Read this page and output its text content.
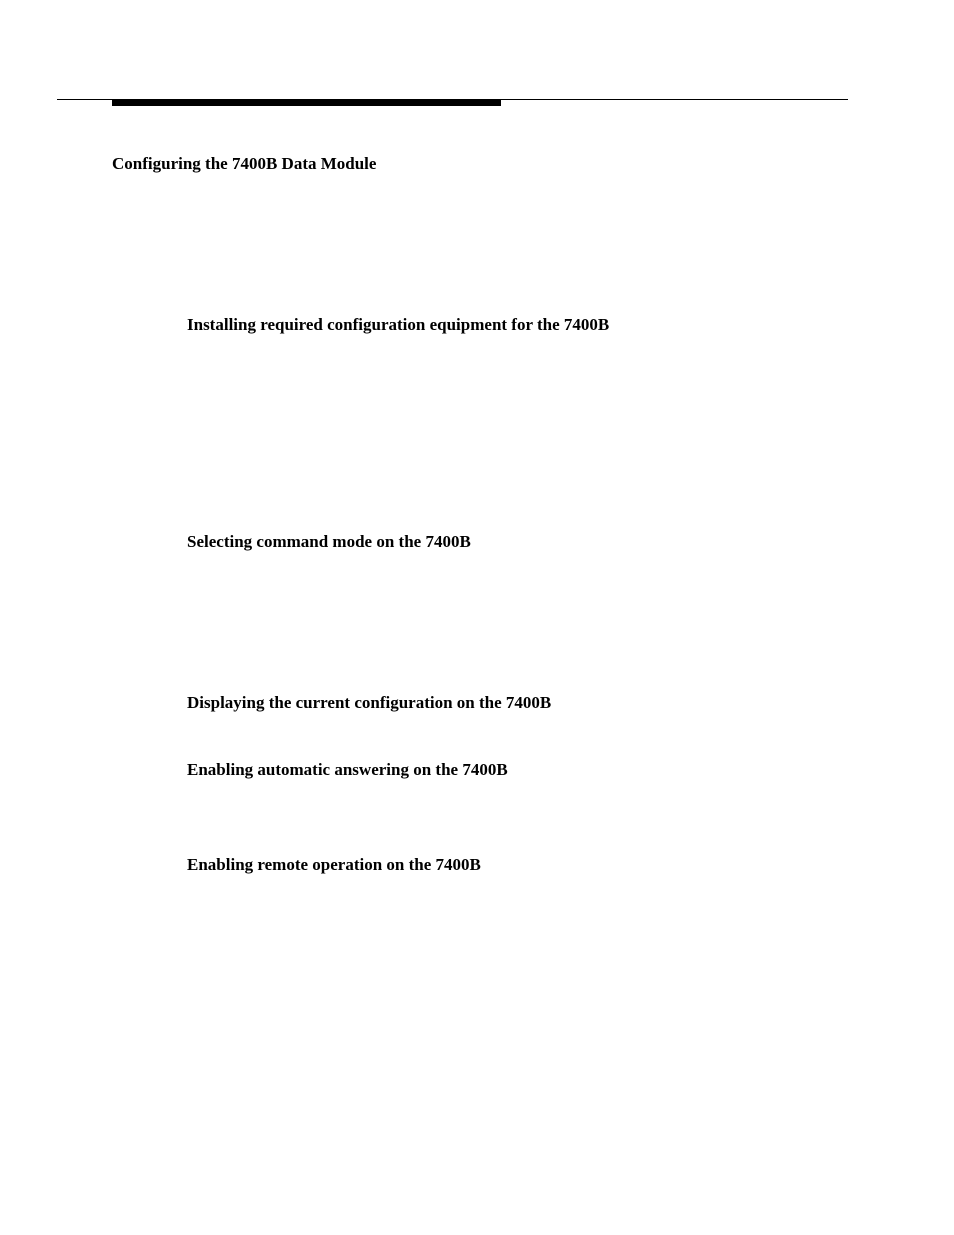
Configuring the 7400B Data Module
Installing required configuration equipment for the 7400B
Selecting command mode on the 7400B
Displaying the current configuration on the 7400B
Enabling automatic answering on the 7400B
Enabling remote operation on the 7400B
